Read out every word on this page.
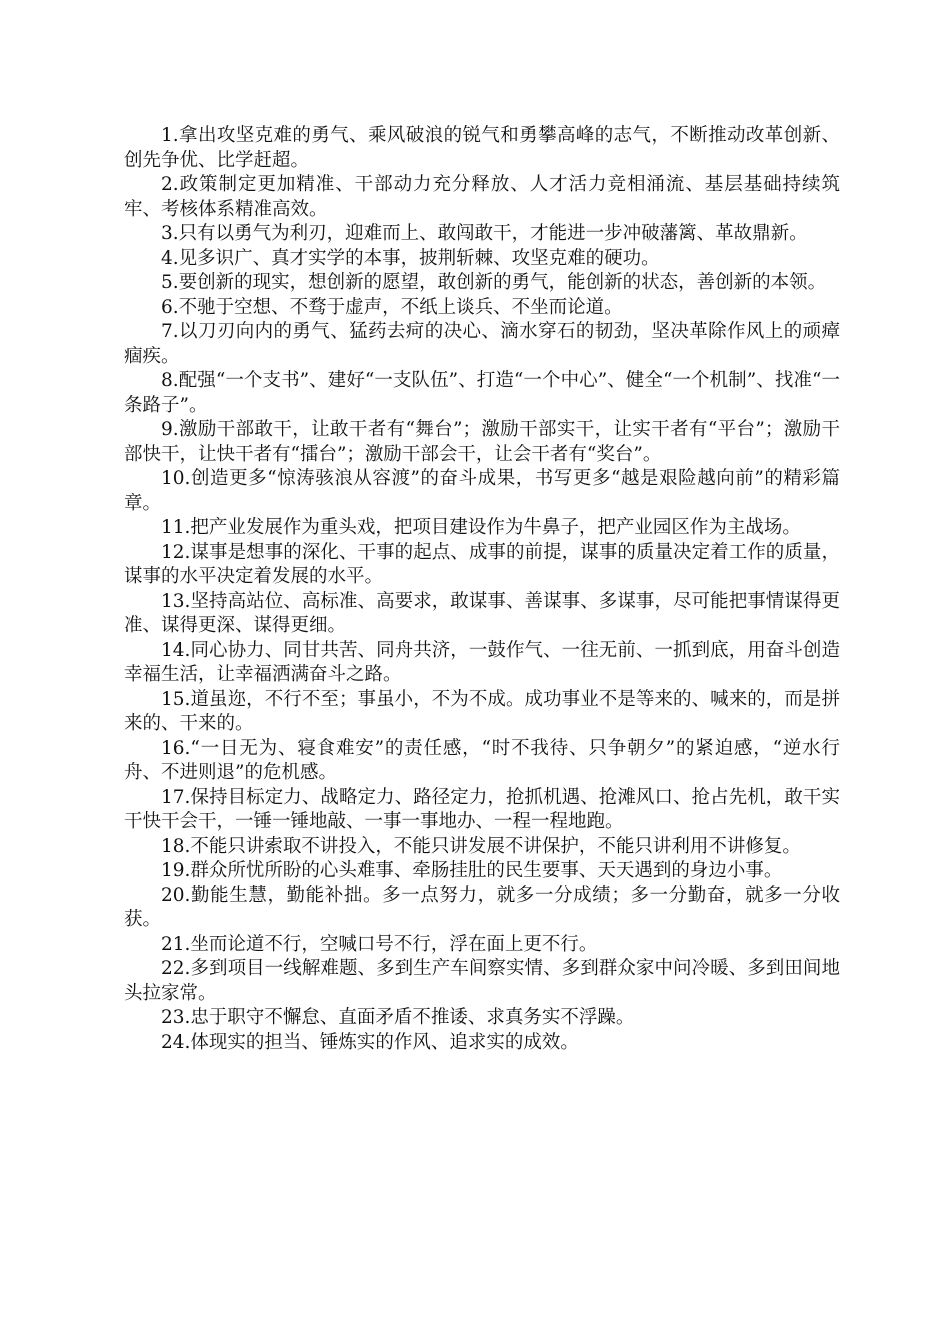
1.拿出攻坚克难的勇气、乘风破浪的锐气和勇攀高峰的志气，不断推动改革创新、创先争优、比学赶超。

2.政策制定更加精准、干部动力充分释放、人才活力竞相涌流、基层基础持续筑牢、考核体系精准高效。

3.只有以勇气为利刃，迎难而上、敢闯敢干，才能进一步冲破藩篱、革故鼎新。

4.见多识广、真才实学的本事，披荆斩棘、攻坚克难的硬功。

5.要创新的现实，想创新的愿望，敢创新的勇气，能创新的状态，善创新的本领。

6.不驰于空想、不骛于虚声，不纸上谈兵、不坐而论道。

7.以刀刃向内的勇气、猛药去疴的决心、滴水穿石的韧劲，坚决革除作风上的顽瘴痼疾。

8.配强“一个支书”、建好“一支队伍”、打造“一个中心”、健全“一个机制”、找准“一条路子”。

9.激励干部敢干，让敢干者有“舞台”；激励干部实干，让实干者有“平台”；激励干部快干，让快干者有“擂台”；激励干部会干，让会干者有“奖台”。

10.创造更多“惊涛骇浪从容渡”的奋斗成果，书写更多“越是艰险越向前”的精彩篇章。

11.把产业发展作为重头戏，把项目建设作为牛鼻子，把产业园区作为主战场。

12.谋事是想事的深化、干事的起点、成事的前提，谋事的质量决定着工作的质量，谋事的水平决定着发展的水平。

13.坚持高站位、高标准、高要求，敢谋事、善谋事、多谋事，尽可能把事情谋得更准、谋得更深、谋得更细。

14.同心协力、同甘共苦、同舟共济，一鼓作气、一往无前、一抓到底，用奋斗创造幸福生活，让幸福洒满奋斗之路。

15.道虽迩，不行不至；事虽小，不为不成。成功事业不是等来的、喊来的，而是拼来的、干来的。

16.“一日无为、寝食难安”的责任感，“时不我待、只争朝夕”的紧迫感，“逆水行舟、不进则退”的危机感。

17.保持目标定力、战略定力、路径定力，抢抓机遇、抢滩风口、抢占先机，敢干实干快干会干，一锤一锤地敲、一事一事地办、一程一程地跑。

18.不能只讲索取不讲投入，不能只讲发展不讲保护，不能只讲利用不讲修复。

19.群众所忧所盼的心头难事、牵肠挂肚的民生要事、天天遇到的身边小事。

20.勤能生慧，勤能补拙。多一点努力，就多一分成绩；多一分勤奋，就多一分收获。

21.坐而论道不行，空喊口号不行，浮在面上更不行。

22.多到项目一线解难题、多到生产车间察实情、多到群众家中问冷暖、多到田间地头拉家常。

23.忠于职守不懈怠、直面矛盾不推诿、求真务实不浮躁。

24.体现实的担当、锤炼实的作风、追求实的成效。
